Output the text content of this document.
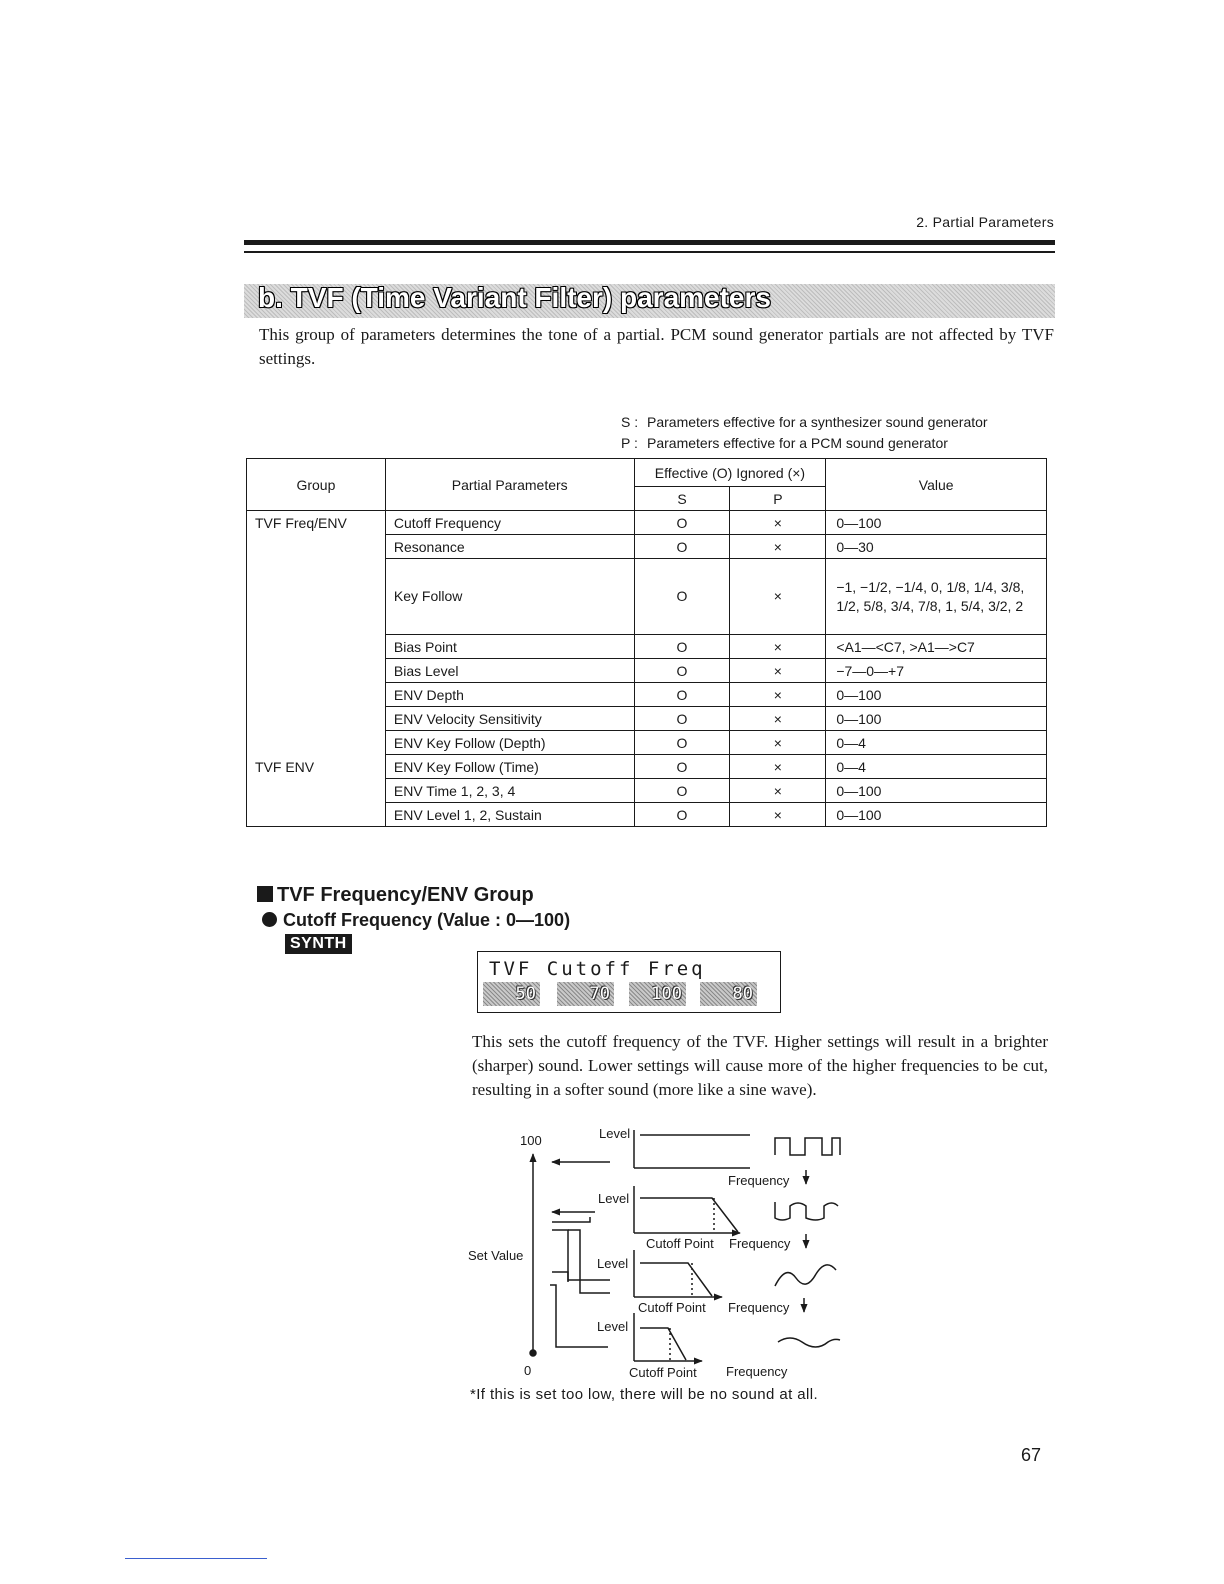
2. Partial Parameters
b. TVF (Time Variant Filter) parameters
This group of parameters determines the tone of a partial. PCM sound generator partials are not affected by TVF settings.
S : Parameters effective for a synthesizer sound generator
P : Parameters effective for a PCM sound generator
Group	Partial Parameters	Effective (O) Ignored (×)		Value
		S	P	
TVF Freq/ENV	Cutoff Frequency	O	×	0—100
	Resonance	O	×	0—30
	Key Follow	O	×	−1, −1/2, −1/4, 0, 1/8, 1/4, 3/8, 1/2, 5/8, 3/4, 7/8, 1, 5/4, 3/2, 2
	Bias Point	O	×	<A1—<C7, >A1—>C7
	Bias Level	O	×	−7—0—+7
	ENV Depth	O	×	0—100
	ENV Velocity Sensitivity	O	×	0—100
	ENV Key Follow (Depth)	O	×	0—4
TVF ENV	ENV Key Follow (Time)	O	×	0—4
	ENV Time 1, 2, 3, 4	O	×	0—100
	ENV Level 1, 2, Sustain	O	×	0—100
TVF Frequency/ENV Group
Cutoff Frequency (Value : 0—100)
SYNTH
TVF Cutoff Freq
50	70	100	80
This sets the cutoff frequency of the TVF. Higher settings will result in a brighter (sharper) sound. Lower settings will cause more of the higher frequencies to be cut, resulting in a softer sound (more like a sine wave).
100
0
Set Value
Level
Frequency
Level
Cutoff Point Frequency
Level
Cutoff Point Frequency
Level
Cutoff Point Frequency
*If this is set too low, there will be no sound at all.
67
